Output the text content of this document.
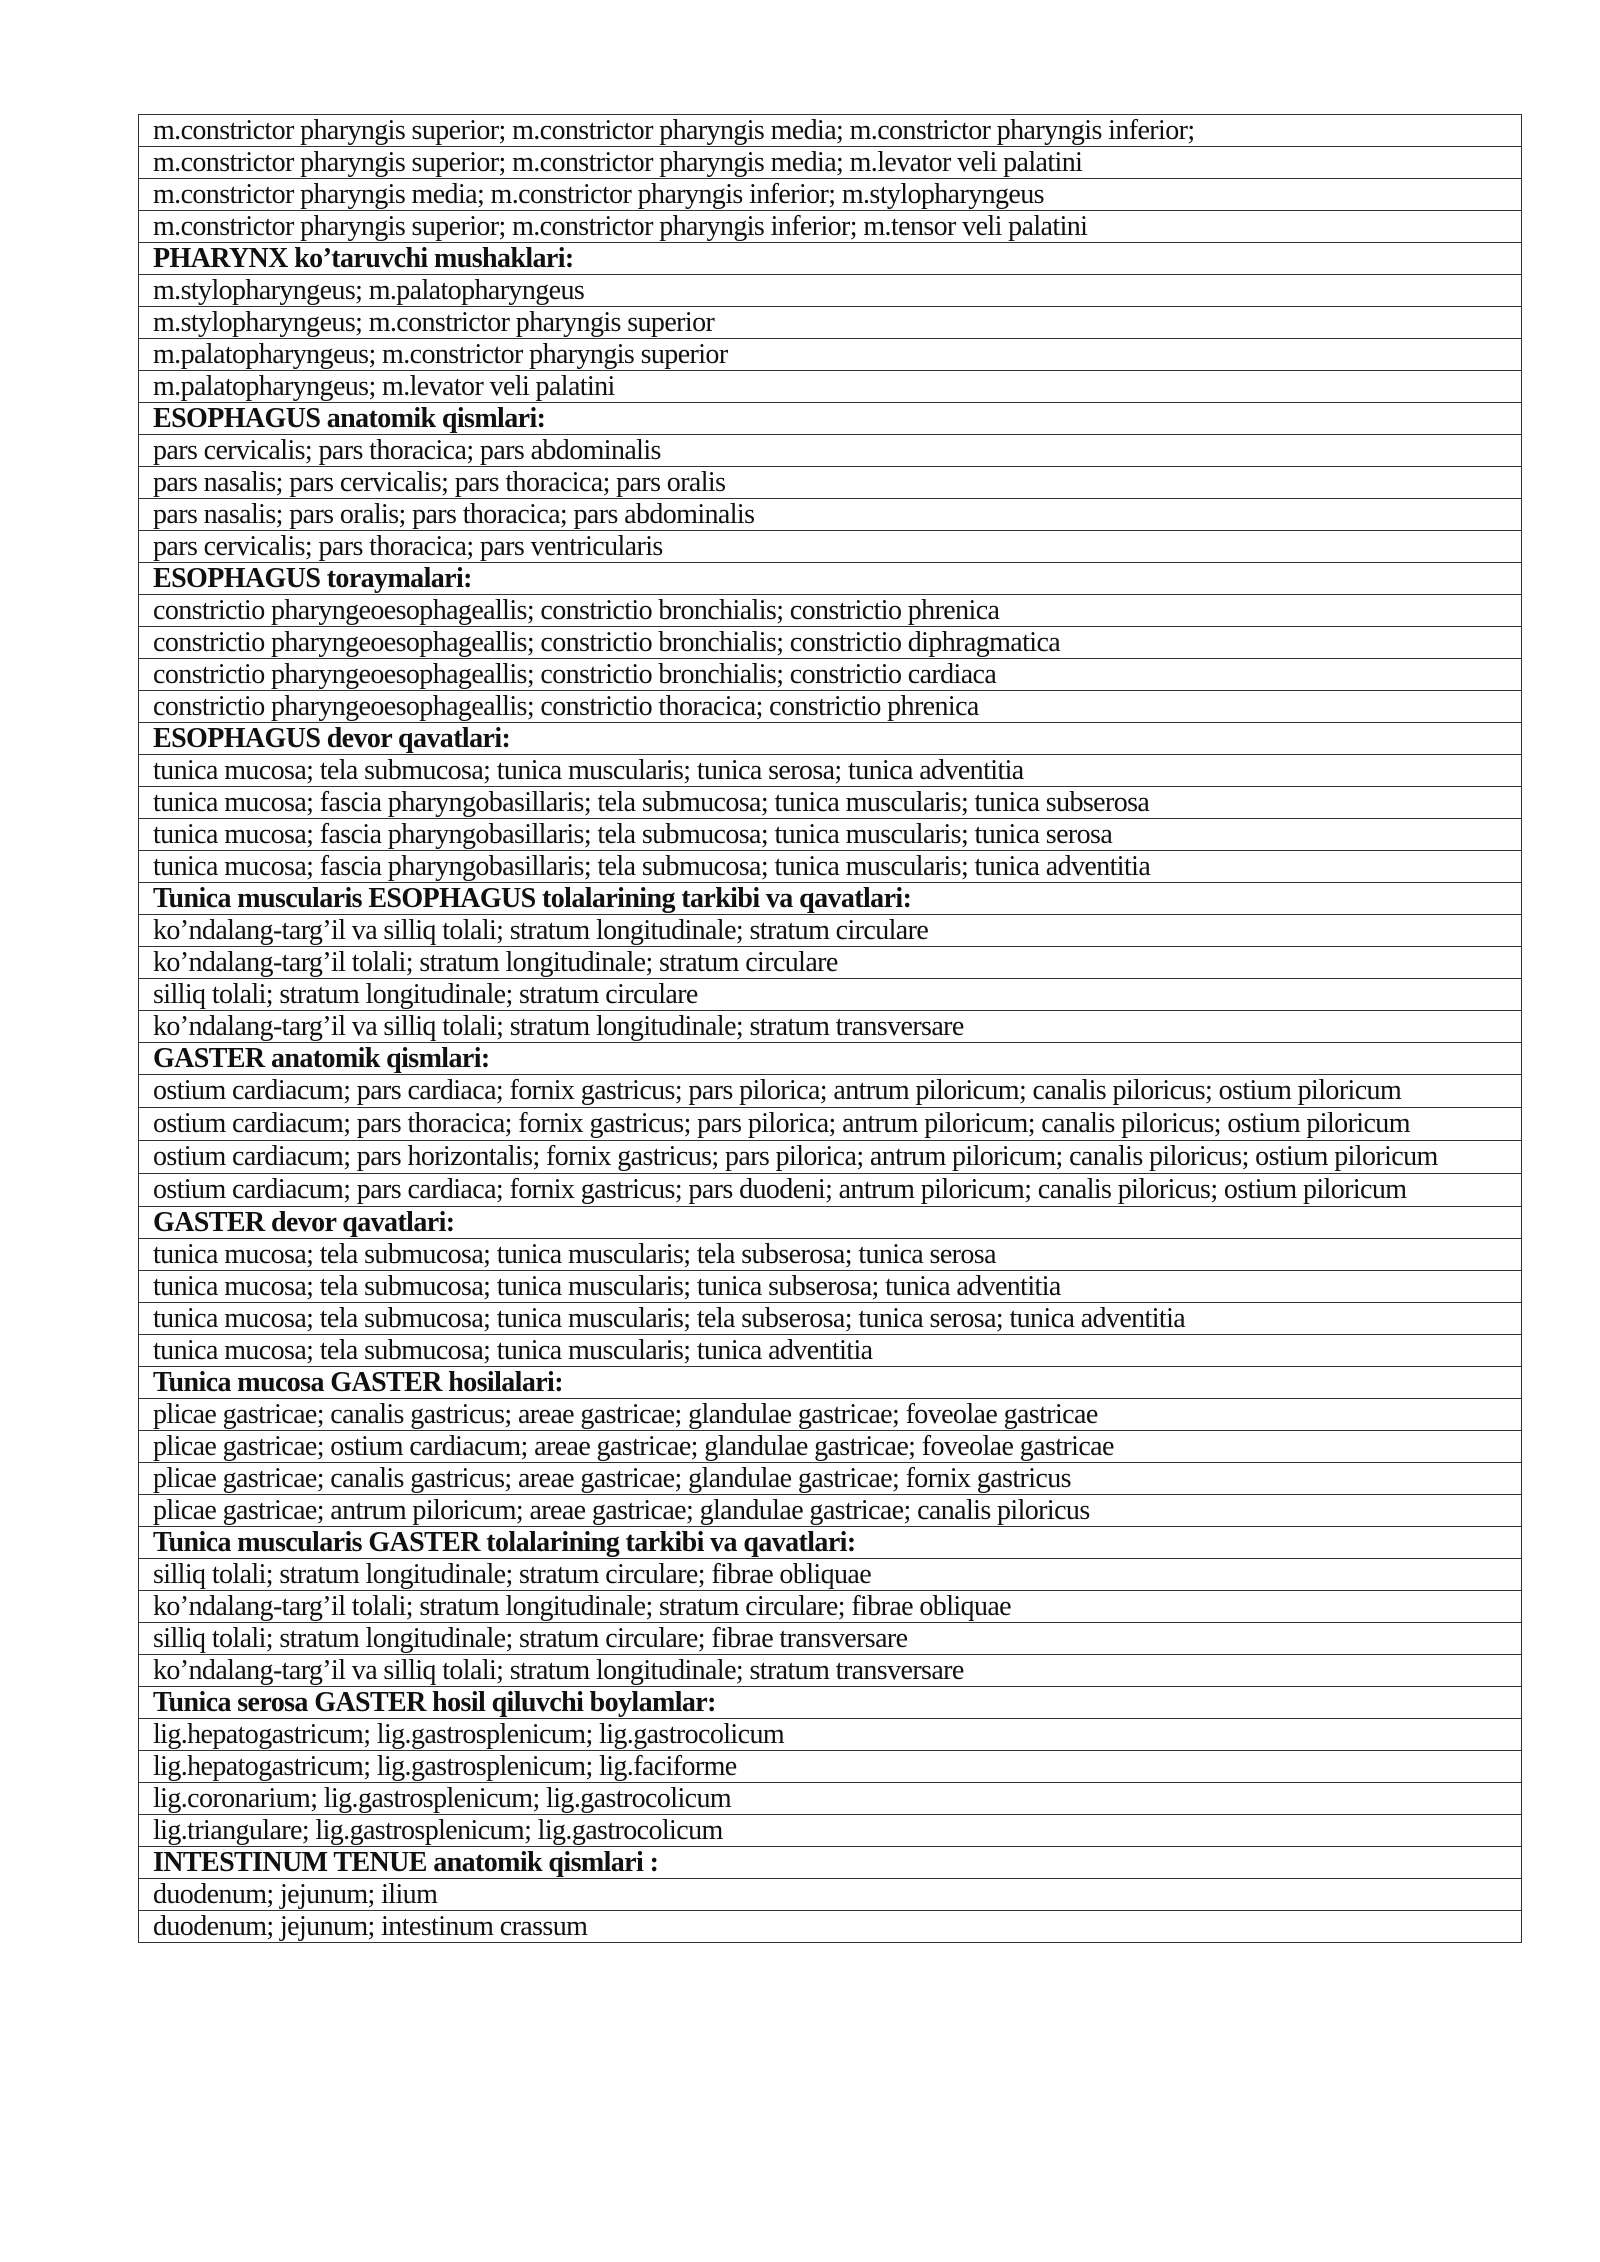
m.constrictor pharyngis superior; m.constrictor pharyngis media; m.constrictor pharyngis inferior;
m.constrictor pharyngis superior; m.constrictor pharyngis media; m.levator veli palatini
m.constrictor pharyngis media; m.constrictor pharyngis inferior; m.stylopharyngeus
m.constrictor pharyngis superior; m.constrictor pharyngis inferior; m.tensor veli palatini
PHARYNX ko’taruvchi mushaklari:
m.stylopharyngeus; m.palatopharyngeus
m.stylopharyngeus; m.constrictor pharyngis superior
m.palatopharyngeus; m.constrictor pharyngis superior
m.palatopharyngeus; m.levator veli palatini
ESOPHAGUS anatomik qismlari:
pars cervicalis; pars thoracica; pars abdominalis
pars nasalis; pars cervicalis; pars thoracica; pars oralis
pars nasalis; pars oralis; pars thoracica; pars abdominalis
pars cervicalis; pars thoracica; pars ventricularis
ESOPHAGUS toraymalari:
constrictio pharyngeoesophageallis; constrictio bronchialis; constrictio phrenica
constrictio pharyngeoesophageallis; constrictio bronchialis; constrictio diphragmatica
constrictio pharyngeoesophageallis; constrictio bronchialis; constrictio cardiaca
constrictio pharyngeoesophageallis; constrictio thoracica; constrictio phrenica
ESOPHAGUS devor qavatlari:
tunica mucosa; tela submucosa; tunica muscularis; tunica serosa; tunica adventitia
tunica mucosa; fascia pharyngobasillaris; tela submucosa; tunica muscularis; tunica subserosa
tunica mucosa; fascia pharyngobasillaris; tela submucosa; tunica muscularis; tunica serosa
tunica mucosa; fascia pharyngobasillaris; tela submucosa; tunica muscularis; tunica adventitia
Tunica muscularis ESOPHAGUS tolalarining tarkibi va qavatlari:
ko’ndalang-targ’il va silliq tolali; stratum longitudinale; stratum circulare
ko’ndalang-targ’il tolali; stratum longitudinale; stratum circulare
silliq tolali; stratum longitudinale; stratum circulare
ko’ndalang-targ’il va silliq tolali; stratum longitudinale; stratum transversare
GASTER anatomik qismlari:
ostium cardiacum; pars cardiaca; fornix gastricus; pars pilorica; antrum piloricum; canalis piloricus; ostium piloricum
ostium cardiacum; pars thoracica; fornix gastricus; pars pilorica; antrum piloricum; canalis piloricus; ostium piloricum
ostium cardiacum; pars horizontalis; fornix gastricus; pars pilorica; antrum piloricum; canalis piloricus; ostium piloricum
ostium cardiacum; pars cardiaca; fornix gastricus; pars duodeni; antrum piloricum; canalis piloricus; ostium piloricum
GASTER devor qavatlari:
tunica mucosa; tela submucosa; tunica muscularis; tela subserosa; tunica serosa
tunica mucosa; tela submucosa; tunica muscularis; tunica subserosa; tunica adventitia
tunica mucosa; tela submucosa; tunica muscularis; tela subserosa; tunica serosa; tunica adventitia
tunica mucosa; tela submucosa; tunica muscularis; tunica adventitia
Tunica mucosa GASTER hosilalari:
plicae gastricae; canalis gastricus; areae gastricae; glandulae gastricae; foveolae gastricae
plicae gastricae; ostium cardiacum; areae gastricae; glandulae gastricae; foveolae gastricae
plicae gastricae; canalis gastricus; areae gastricae; glandulae gastricae; fornix gastricus
plicae gastricae; antrum piloricum; areae gastricae; glandulae gastricae; canalis piloricus
Tunica muscularis GASTER tolalarining tarkibi va qavatlari:
silliq tolali; stratum longitudinale; stratum circulare; fibrae obliquae
ko’ndalang-targ’il tolali; stratum longitudinale; stratum circulare; fibrae obliquae
silliq tolali; stratum longitudinale; stratum circulare; fibrae transversare
ko’ndalang-targ’il va silliq tolali; stratum longitudinale; stratum transversare
Tunica serosa GASTER hosil qiluvchi boylamlar:
lig.hepatogastricum; lig.gastrosplenicum; lig.gastrocolicum
lig.hepatogastricum; lig.gastrosplenicum; lig.faciforme
lig.coronarium; lig.gastrosplenicum; lig.gastrocolicum
lig.triangulare; lig.gastrosplenicum; lig.gastrocolicum
INTESTINUM TENUE anatomik qismlari :
duodenum; jejunum; ilium
duodenum; jejunum; intestinum crassum
